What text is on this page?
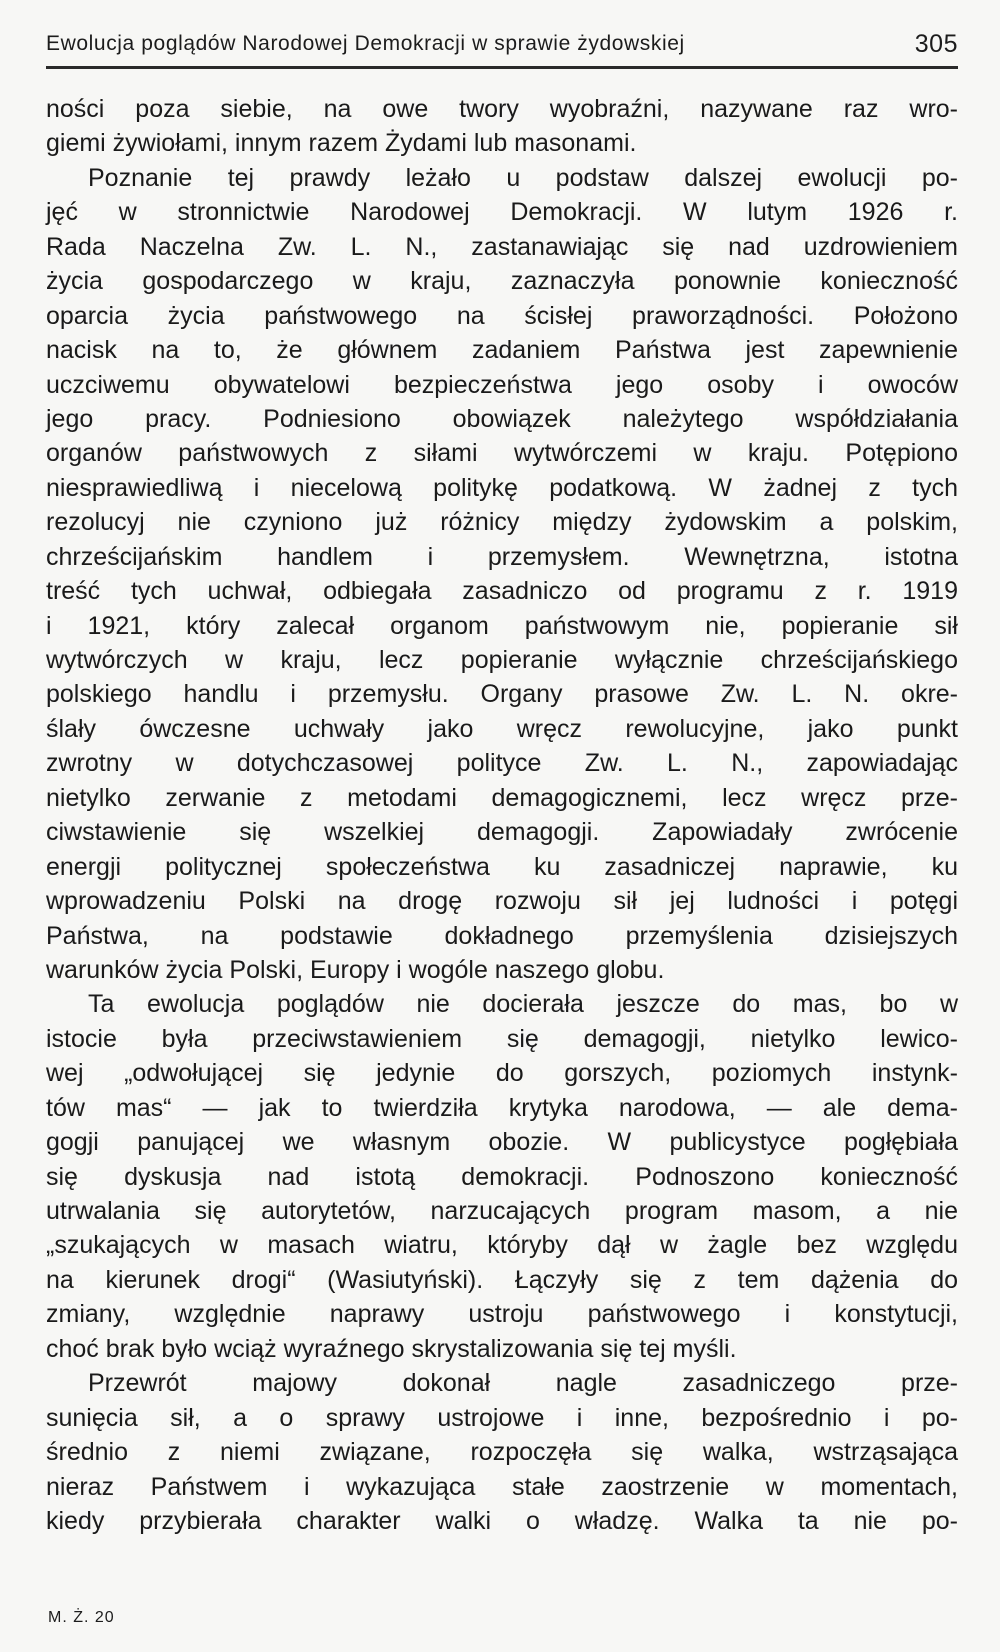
Ewolucja poglądów Narodowej Demokracji w sprawie żydowskiej	305
ności poza siebie, na owe twory wyobraźni, nazywane raz wro-
giemi żywiołami, innym razem Żydami lub masonami.
Poznanie tej prawdy leżało u podstaw dalszej ewolucji po-
jęć w stronnictwie Narodowej Demokracji. W lutym 1926 r.
Rada Naczelna Zw. L. N., zastanawiając się nad uzdrowieniem
życia gospodarczego w kraju, zaznaczyła ponownie konieczność
oparcia życia państwowego na ścisłej praworządności. Położono
nacisk na to, że głównem zadaniem Państwa jest zapewnienie
uczciwemu obywatelowi bezpieczeństwa jego osoby i owoców
jego pracy. Podniesiono obowiązek należytego współdziałania
organów państwowych z siłami wytwórczemi w kraju. Potępiono
niesprawiedliwą i niecelową politykę podatkową. W żadnej z tych
rezolucyj nie czyniono już różnicy między żydowskim a polskim,
chrześcijańskim handlem i przemysłem. Wewnętrzna, istotna
treść tych uchwał, odbiegała zasadniczo od programu z r. 1919
i 1921, który zalecał organom państwowym nie, popieranie sił
wytwórczych w kraju, lecz popieranie wyłącznie chrześcijańskiego
polskiego handlu i przemysłu. Organy prasowe Zw. L. N. okre-
ślały ówczesne uchwały jako wręcz rewolucyjne, jako punkt
zwrotny w dotychczasowej polityce Zw. L. N., zapowiadając
nietylko zerwanie z metodami demagogicznemi, lecz wręcz prze-
ciwstawienie się wszelkiej demagogji. Zapowiadały zwrócenie
energji politycznej społeczeństwa ku zasadniczej naprawie, ku
wprowadzeniu Polski na drogę rozwoju sił jej ludności i potęgi
Państwa, na podstawie dokładnego przemyślenia dzisiejszych
warunków życia Polski, Europy i wogóle naszego globu.
Ta ewolucja poglądów nie docierała jeszcze do mas, bo w
istocie była przeciwstawieniem się demagogji, nietylko lewico-
wej „odwołującej się jedynie do gorszych, poziomych instynk-
tów mas“ — jak to twierdziła krytyka narodowa, — ale dema-
gogji panującej we własnym obozie. W publicystyce pogłębiała
się dyskusja nad istotą demokracji. Podnoszono konieczność
utrwalania się autorytetów, narzucających program masom, a nie
„szukających w masach wiatru, któryby dął w żagle bez względu
na kierunek drogi“ (Wasiutyński). Łączyły się z tem dążenia do
zmiany, względnie naprawy ustroju państwowego i konstytucji,
choć brak było wciąż wyraźnego skrystalizowania się tej myśli.
Przewrót majowy dokonał nagle zasadniczego prze-
sunięcia sił, a o sprawy ustrojowe i inne, bezpośrednio i po-
średnio z niemi związane, rozpoczęła się walka, wstrząsająca
nieraz Państwem i wykazująca stałe zaostrzenie w momentach,
kiedy przybierała charakter walki o władzę. Walka ta nie po-
M. Ż. 20
